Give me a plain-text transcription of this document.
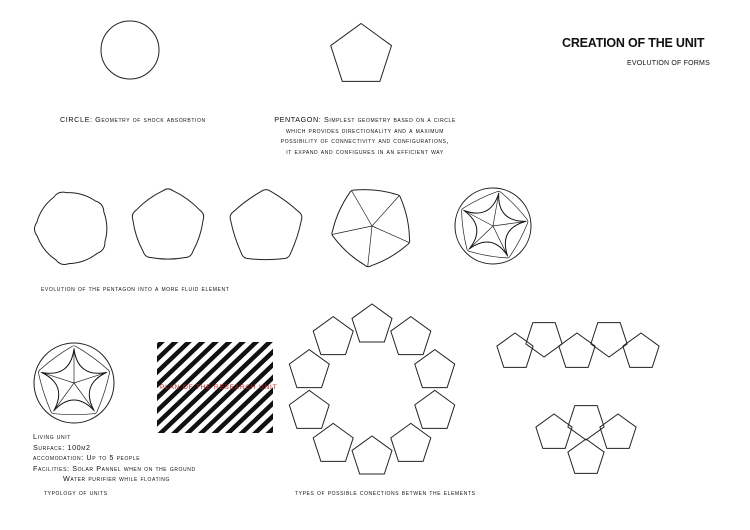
CREATION OF THE UNIT
EVOLUTION OF FORMS
CIRCLE: Geometry of shock absorbtion	PENTAGON: Simplest geometry based on a circle
which provides directionality and a maximum
possibility of connectivity and configurations,
it expand and configures in an efficient way
evolution of the pentagon into a more fluid element
PLAN OF THE RESEARCH UNIT
Living unit
Surface: 100m2
accomodation: Up to 5 people
Facilities: Solar Pannel when on the ground
Water purifier while floating
typology of units	types of possible conections betwen the elements
